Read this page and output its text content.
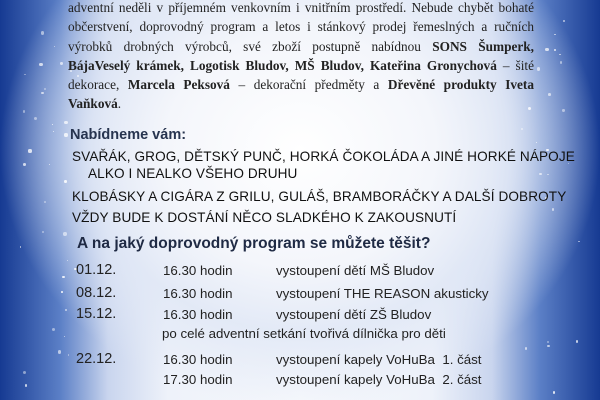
adventní neděli v příjemném venkovním i vnitřním prostředí. Nebude chybět bohaté občerstvení, doprovodný program a letos i stánkový prodej řemeslných a ručních výrobků drobných výrobců, své zboží postupně nabídnou SONS Šumperk, BájaVeselý krámek, Logotisk Bludov, MŠ Bludov, Kateřina Gronychová – šité dekorace, Marcela Peksová – dekorační předměty a Dřevěné produkty Iveta Vaňková.

Nabídneme vám:
SVAŘÁK, GROG, DĚTSKÝ PUNČ, HORKÁ ČOKOLÁDA A JINÉ HORKÉ NÁPOJE
ALKO I NEALKO VŠEHO DRUHU
KLOBÁSKY A CIGÁRA Z GRILU, GULÁŠ, BRAMBORÁČKY A DALŠÍ DOBROTY
VŽDY BUDE K DOSTÁNÍ NĚCO SLADKÉHO K ZAKOUSNUTÍ
A na jaký doprovodný program se můžete těšit?
01.12.	16.30 hodin	vystoupení dětí MŠ Bludov
08.12.	16.30 hodin	vystoupení THE REASON akusticky
15.12.	16.30 hodin	vystoupení dětí ZŠ Bludov
po celé adventní setkání tvořivá dílnička pro děti
22.12.	16.30 hodin	vystoupení kapely VoHuBa  1. část
17.30 hodin	vystoupení kapely VoHuBa  2. část
